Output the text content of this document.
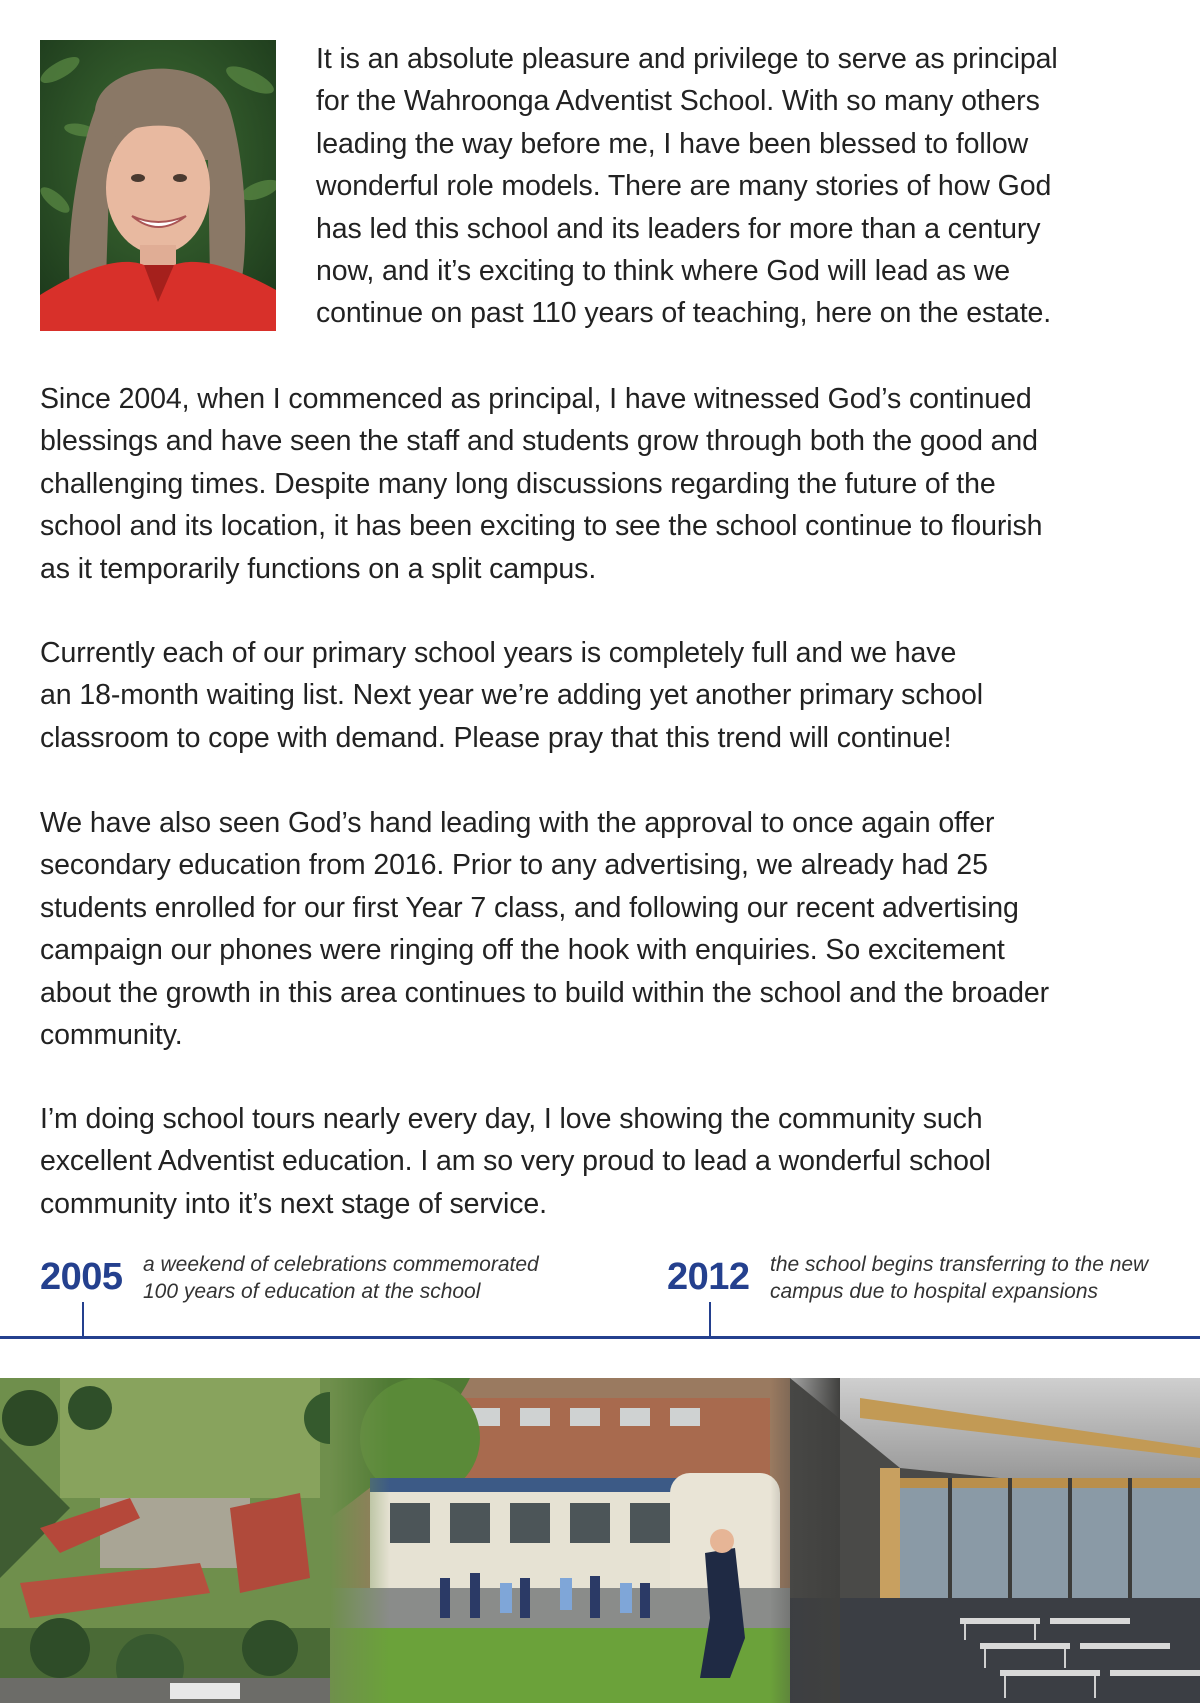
It is an absolute pleasure and privilege to serve as principal
for the Wahroonga Adventist School. With so many others
leading the way before me, I have been blessed to follow
wonderful role models. There are many stories of how God
has led this school and its leaders for more than a century
now, and it’s exciting to think where God will lead as we
continue on past 110 years of teaching, here on the estate.

Since 2004, when I commenced as principal, I have witnessed God’s continued
blessings and have seen the staff and students grow through both the good and
challenging times. Despite many long discussions regarding the future of the
school and its location, it has been exciting to see the school continue to flourish
as it temporarily functions on a split campus.

Currently each of our primary school years is completely full and we have
an 18-month waiting list. Next year we’re adding yet another primary school
classroom to cope with demand. Please pray that this trend will continue!

We have also seen God’s hand leading with the approval to once again offer
secondary education from 2016. Prior to any advertising, we already had 25
students enrolled for our first Year 7 class, and following our recent advertising
campaign our phones were ringing off the hook with enquiries. So excitement
about the growth in this area continues to build within the school and the broader
community.

I’m doing school tours nearly every day, I love showing the community such
excellent Adventist education. I am so very proud to lead a wonderful school
community into it’s next stage of service.

2005 a weekend of celebrations commemorated
100 years of education at the school	2012 the school begins transferring to the new
campus due to hospital expansions
